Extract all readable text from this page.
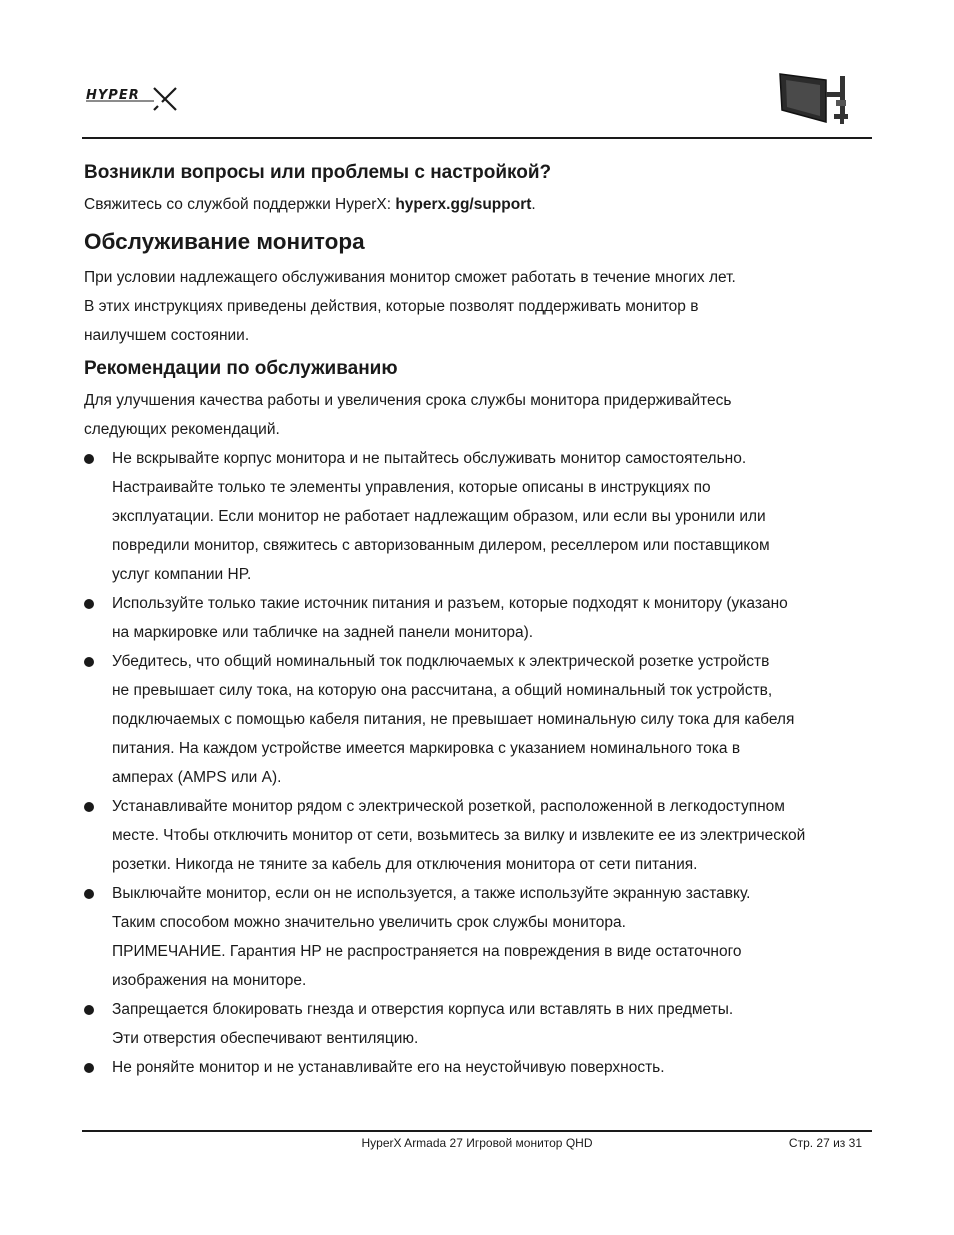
HYPER
Возникли вопросы или проблемы с настройкой?

Свяжитесь со службой поддержки HyperX: hyperx.gg/support.

Обслуживание монитора

При условии надлежащего обслуживания монитор сможет работать в течение многих лет.

В этих инструкциях приведены действия, которые позволят поддерживать монитор в

наилучшем состоянии.

Рекомендации по обслуживанию

Для улучшения качества работы и увеличения срока службы монитора придерживайтесь

следующих рекомендаций.

Не вскрывайте корпус монитора и не пытайтесь обслуживать монитор самостоятельно.
Настраивайте только те элементы управления, которые описаны в инструкциях по
эксплуатации. Если монитор не работает надлежащим образом, или если вы уронили или
повредили монитор, свяжитесь с авторизованным дилером, реселлером или поставщиком
услуг компании HP.
Используйте только такие источник питания и разъем, которые подходят к монитору (указано
на маркировке или табличке на задней панели монитора).
Убедитесь, что общий номинальный ток подключаемых к электрической розетке устройств
не превышает силу тока, на которую она рассчитана, а общий номинальный ток устройств,
подключаемых с помощью кабеля питания, не превышает номинальную силу тока для кабеля
питания. На каждом устройстве имеется маркировка с указанием номинального тока в
амперах (AMPS или A).
Устанавливайте монитор рядом с электрической розеткой, расположенной в легкодоступном
месте. Чтобы отключить монитор от сети, возьмитесь за вилку и извлеките ее из электрической
розетки. Никогда не тяните за кабель для отключения монитора от сети питания.
Выключайте монитор, если он не используется, а также используйте экранную заставку.
Таким способом можно значительно увеличить срок службы монитора.
ПРИМЕЧАНИЕ. Гарантия HP не распространяется на повреждения в виде остаточного
изображения на мониторе.
Запрещается блокировать гнезда и отверстия корпуса или вставлять в них предметы.
Эти отверстия обеспечивают вентиляцию.
Не роняйте монитор и не устанавливайте его на неустойчивую поверхность.
HyperX Armada 27 Игровой монитор QHD	Стр. 27 из 31
